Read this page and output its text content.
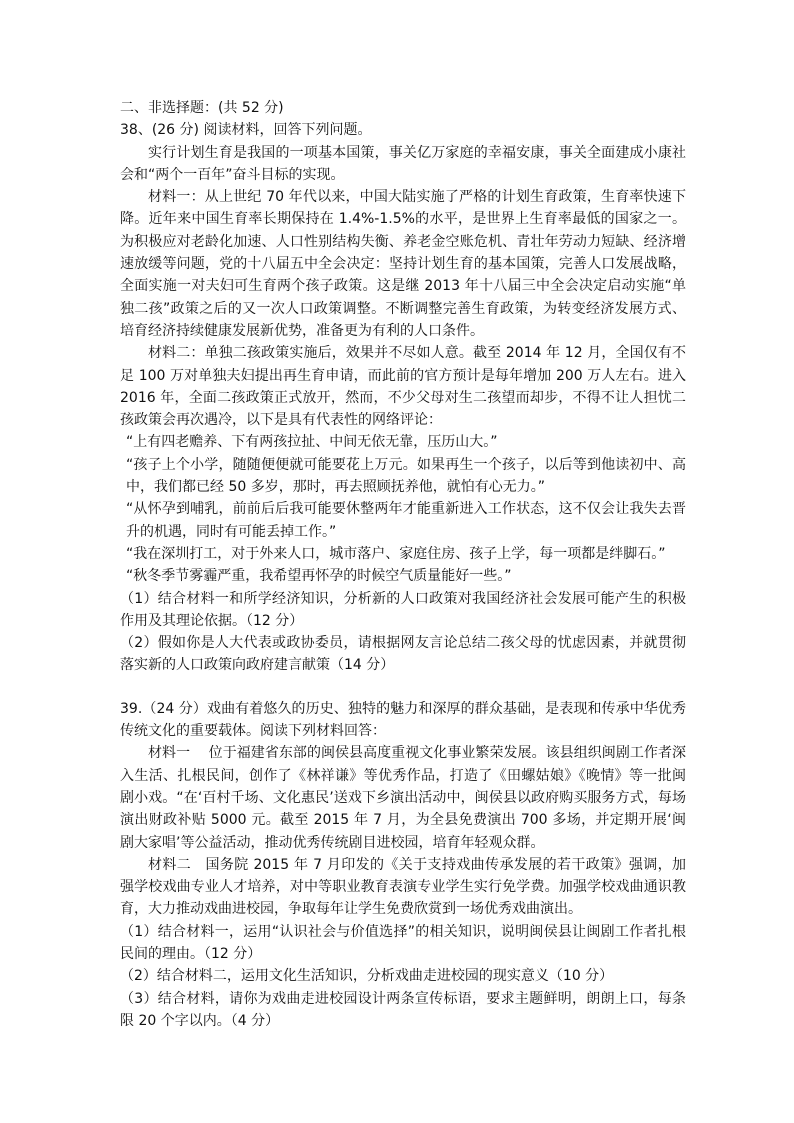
二、非选择题：(共 52 分)

38、(26 分) 阅读材料，回答下列问题。

实行计划生育是我国的一项基本国策，事关亿万家庭的幸福安康，事关全面建成小康社会和“两个一百年”奋斗目标的实现。

材料一：从上世纪 70 年代以来，中国大陆实施了严格的计划生育政策，生育率快速下降。近年来中国生育率长期保持在 1.4%-1.5%的水平，是世界上生育率最低的国家之一。为积极应对老龄化加速、人口性别结构失衡、养老金空账危机、青壮年劳动力短缺、经济增速放缓等问题，党的十八届五中全会决定：坚持计划生育的基本国策，完善人口发展战略，全面实施一对夫妇可生育两个孩子政策。这是继 2013 年十八届三中全会决定启动实施“单独二孩”政策之后的又一次人口政策调整。不断调整完善生育政策，为转变经济发展方式、培育经济持续健康发展新优势，准备更为有利的人口条件。

材料二：单独二孩政策实施后，效果并不尽如人意。截至 2014 年 12 月，全国仅有不足 100 万对单独夫妇提出再生育申请，而此前的官方预计是每年增加 200 万人左右。进入 2016 年，全面二孩政策正式放开，然而，不少父母对生二孩望而却步，不得不让人担忧二孩政策会再次遇冷，以下是具有代表性的网络评论：

“上有四老赡养、下有两孩拉扯、中间无依无靠，压历山大。”

“孩子上个小学，随随便便就可能要花上万元。如果再生一个孩子，以后等到他读初中、高中，我们都已经 50 多岁，那时，再去照顾抚养他，就怕有心无力。”

“从怀孕到哺乳，前前后后我可能要休整两年才能重新进入工作状态，这不仅会让我失去晋升的机遇，同时有可能丢掉工作。”

“我在深圳打工，对于外来人口，城市落户、家庭住房、孩子上学，每一项都是绊脚石。”

“秋冬季节雾霾严重，我希望再怀孕的时候空气质量能好一些。”

（1）结合材料一和所学经济知识，分析新的人口政策对我国经济社会发展可能产生的积极作用及其理论依据。（12 分）

（2）假如你是人大代表或政协委员，请根据网友言论总结二孩父母的忧虑因素，并就贯彻落实新的人口政策向政府建言献策（14 分）

39.（24 分）戏曲有着悠久的历史、独特的魅力和深厚的群众基础，是表现和传承中华优秀传统文化的重要载体。阅读下列材料回答：

材料一　 位于福建省东部的闽侯县高度重视文化事业繁荣发展。该县组织闽剧工作者深入生活、扎根民间，创作了《林祥谦》等优秀作品，打造了《田螺姑娘》《晚情》等一批闽剧小戏。“在‘百村千场、文化惠民’送戏下乡演出活动中，闽侯县以政府购买服务方式，每场演出财政补贴 5000 元。截至 2015 年 7 月，为全县免费演出 700 多场，并定期开展‘闽剧大家唱’等公益活动，推动优秀传统剧目进校园，培育年轻观众群。

材料二　国务院 2015 年 7 月印发的《关于支持戏曲传承发展的若干政策》强调，加强学校戏曲专业人才培养，对中等职业教育表演专业学生实行免学费。加强学校戏曲通识教育，大力推动戏曲进校园，争取每年让学生免费欣赏到一场优秀戏曲演出。

（1）结合材料一，运用“认识社会与价值选择”的相关知识，说明闽侯县让闽剧工作者扎根民间的理由。（12 分）

（2）结合材料二，运用文化生活知识，分析戏曲走进校园的现实意义（10 分）

（3）结合材料，请你为戏曲走进校园设计两条宣传标语，要求主题鲜明，朗朗上口，每条限 20 个字以内。（4 分）
